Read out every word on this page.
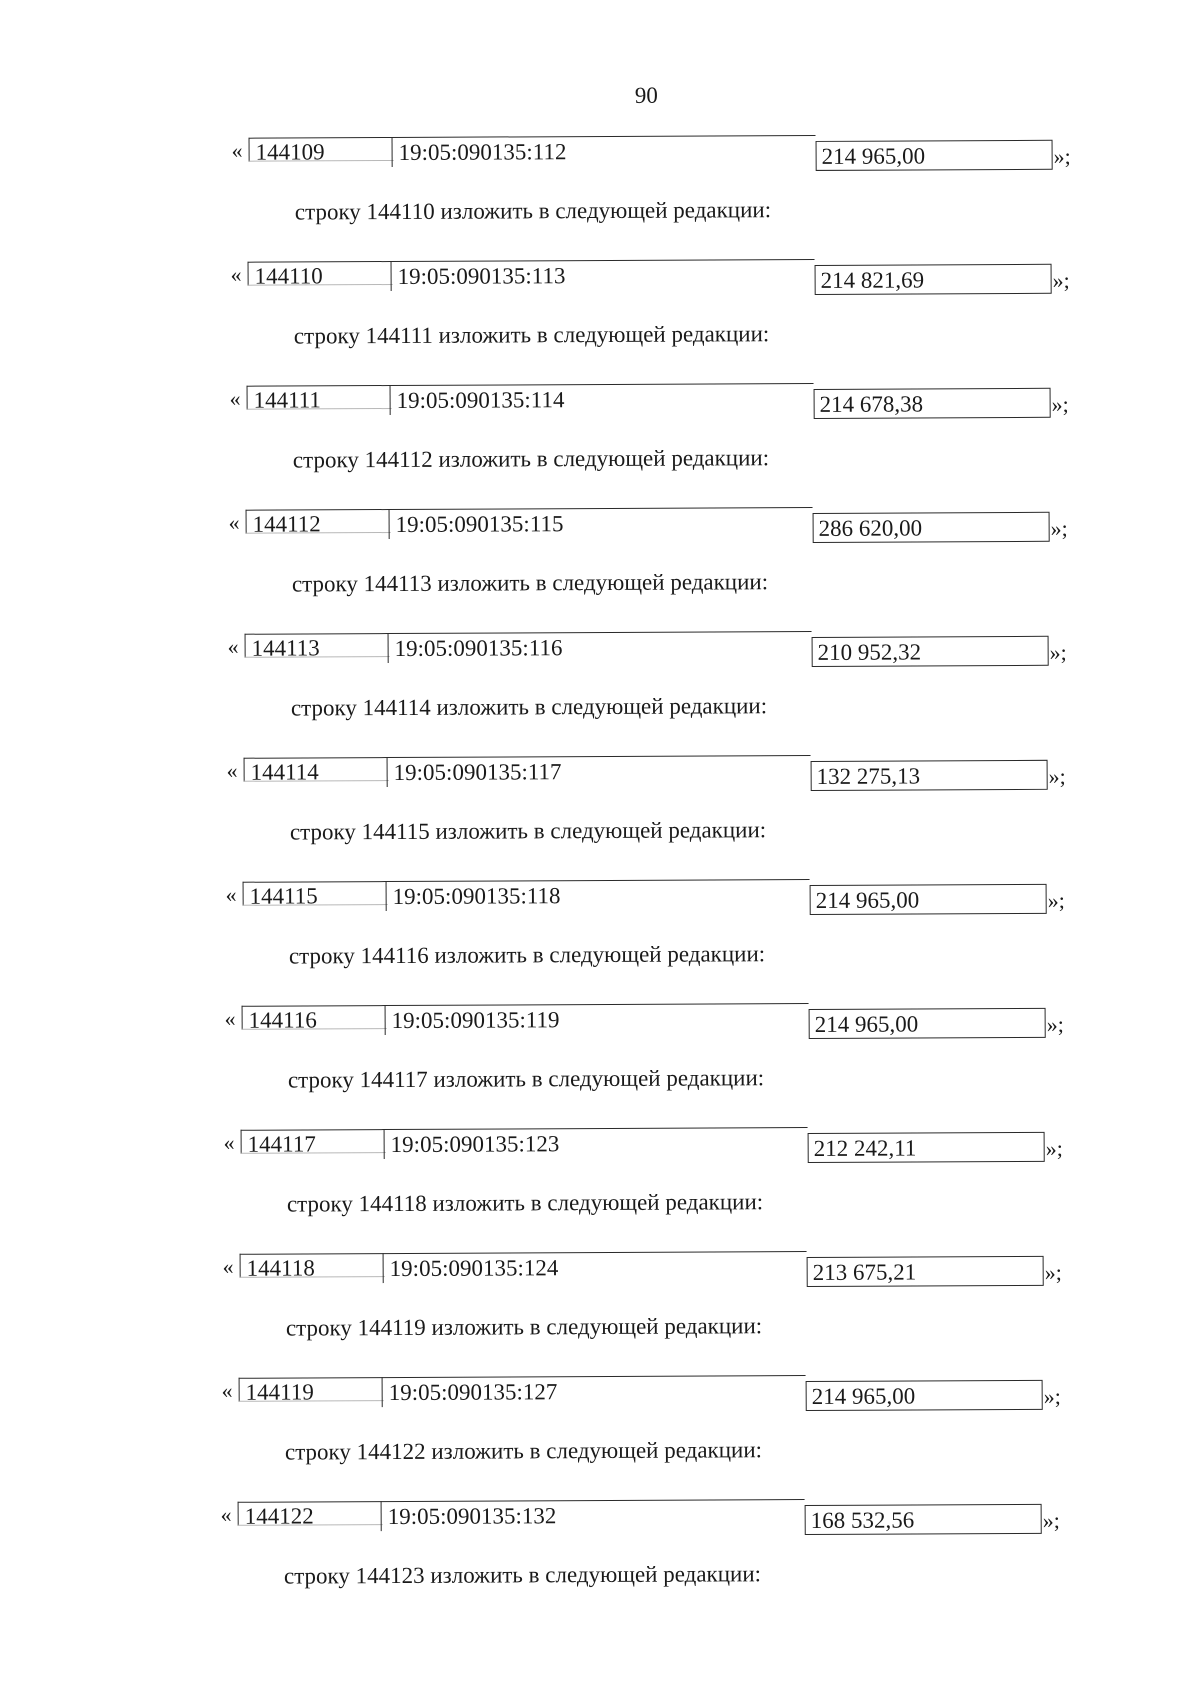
90
« 144109	19:05:090135:112	214 965,00	»;
строку 144110 изложить в следующей редакции:
« 144110	19:05:090135:113	214 821,69	»;
строку 144111 изложить в следующей редакции:
« 144111	19:05:090135:114	214 678,38	»;
строку 144112 изложить в следующей редакции:
« 144112	19:05:090135:115	286 620,00	»;
строку 144113 изложить в следующей редакции:
« 144113	19:05:090135:116	210 952,32	»;
строку 144114 изложить в следующей редакции:
« 144114	19:05:090135:117	132 275,13	»;
строку 144115 изложить в следующей редакции:
« 144115	19:05:090135:118	214 965,00	»;
строку 144116 изложить в следующей редакции:
« 144116	19:05:090135:119	214 965,00	»;
строку 144117 изложить в следующей редакции:
« 144117	19:05:090135:123	212 242,11	»;
строку 144118 изложить в следующей редакции:
« 144118	19:05:090135:124	213 675,21	»;
строку 144119 изложить в следующей редакции:
« 144119	19:05:090135:127	214 965,00	»;
строку 144122 изложить в следующей редакции:
« 144122	19:05:090135:132	168 532,56	»;
строку 144123 изложить в следующей редакции:
